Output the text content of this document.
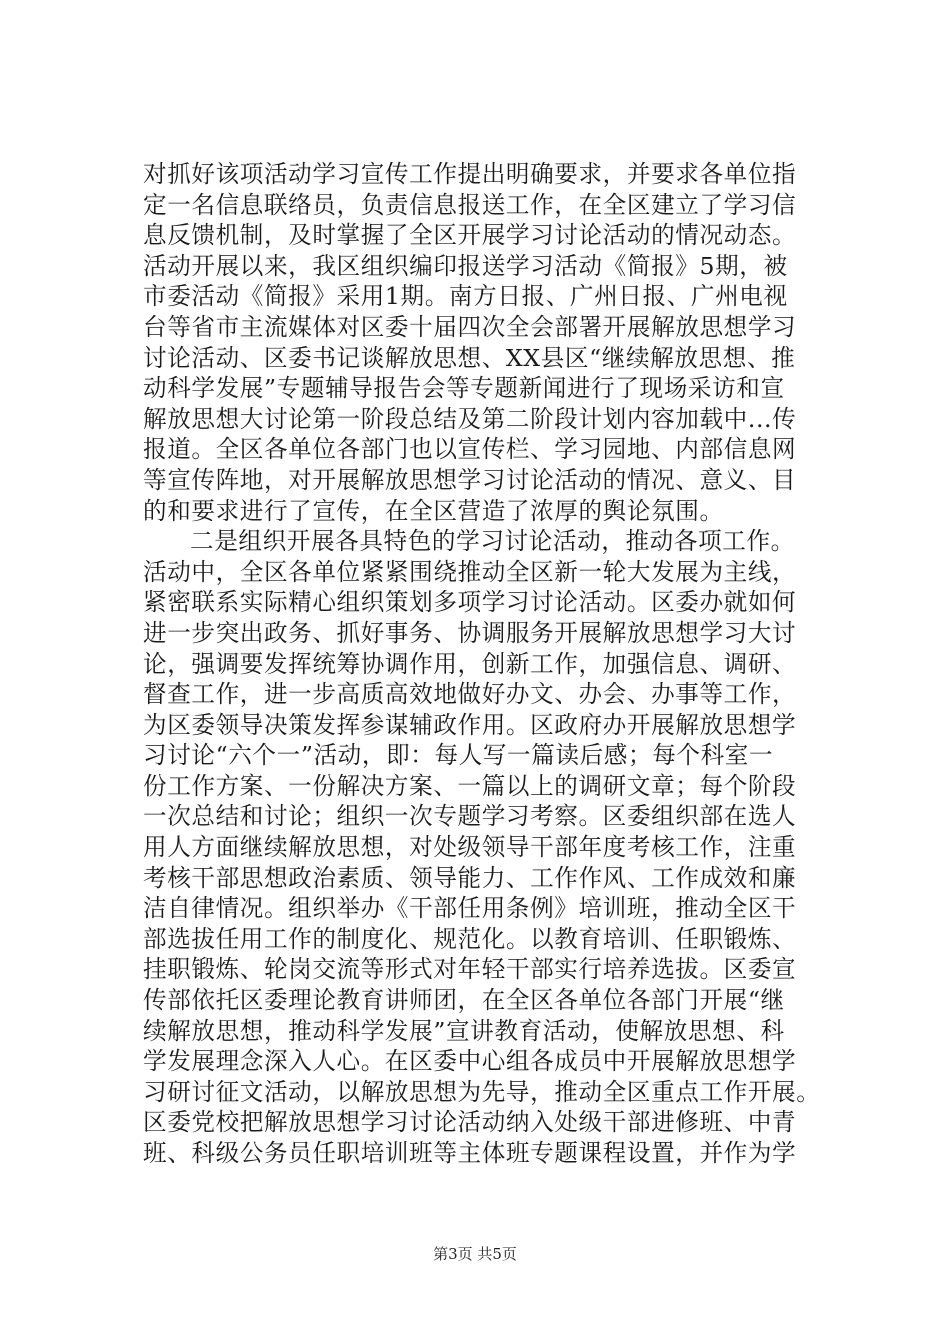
对抓好该项活动学习宣传工作提出明确要求，并要求各单位指
定一名信息联络员，负责信息报送工作，在全区建立了学习信
息反馈机制，及时掌握了全区开展学习讨论活动的情况动态。
活动开展以来，我区组织编印报送学习活动《简报》5期，被
市委活动《简报》采用1期。南方日报、广州日报、广州电视
台等省市主流媒体对区委十届四次全会部署开展解放思想学习
讨论活动、区委书记谈解放思想、XX县区“继续解放思想、推
动科学发展”专题辅导报告会等专题新闻进行了现场采访和宣
解放思想大讨论第一阶段总结及第二阶段计划内容加载中...传
报道。全区各单位各部门也以宣传栏、学习园地、内部信息网
等宣传阵地，对开展解放思想学习讨论活动的情况、意义、目
的和要求进行了宣传，在全区营造了浓厚的舆论氛围。
二是组织开展各具特色的学习讨论活动，推动各项工作。
活动中，全区各单位紧紧围绕推动全区新一轮大发展为主线，
紧密联系实际精心组织策划多项学习讨论活动。区委办就如何
进一步突出政务、抓好事务、协调服务开展解放思想学习大讨
论，强调要发挥统筹协调作用，创新工作，加强信息、调研、
督查工作，进一步高质高效地做好办文、办会、办事等工作，
为区委领导决策发挥参谋辅政作用。区政府办开展解放思想学
习讨论“六个一”活动，即：每人写一篇读后感；每个科室一
份工作方案、一份解决方案、一篇以上的调研文章；每个阶段
一次总结和讨论；组织一次专题学习考察。区委组织部在选人
用人方面继续解放思想，对处级领导干部年度考核工作，注重
考核干部思想政治素质、领导能力、工作作风、工作成效和廉
洁自律情况。组织举办《干部任用条例》培训班，推动全区干
部选拔任用工作的制度化、规范化。以教育培训、任职锻炼、
挂职锻炼、轮岗交流等形式对年轻干部实行培养选拔。区委宣
传部依托区委理论教育讲师团，在全区各单位各部门开展“继
续解放思想，推动科学发展”宣讲教育活动，使解放思想、科
学发展理念深入人心。在区委中心组各成员中开展解放思想学
习研讨征文活动，以解放思想为先导，推动全区重点工作开展。
区委党校把解放思想学习讨论活动纳入处级干部进修班、中青
班、科级公务员任职培训班等主体班专题课程设置，并作为学
第3页 共5页
